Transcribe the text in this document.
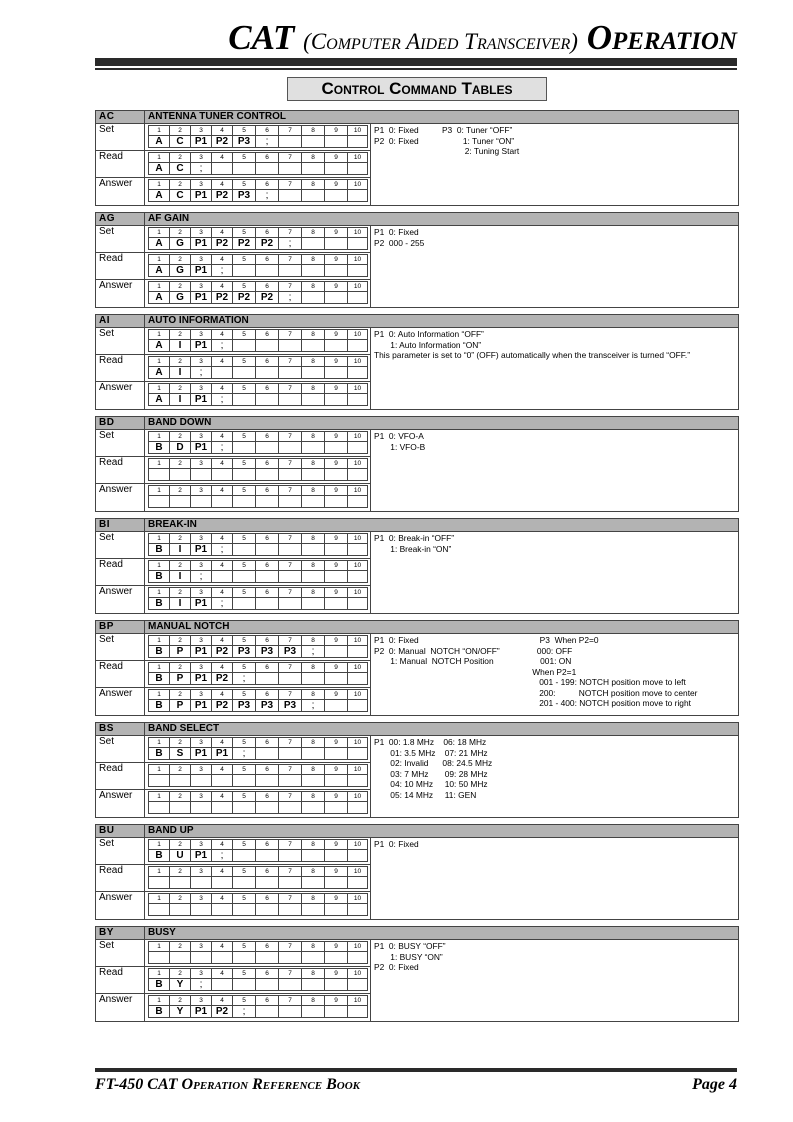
CAT (Computer Aided Transceiver) Operation
Control Command Tables
AC	ANTENNA TUNER CONTROL
Set	1	2	3	4	5	6	7	8	9	10
A	C	P1	P2	P3	;				
Read	1	2	3	4	5	6	7	8	9	10
A	C	;							
Answer	1	2	3	4	5	6	7	8	9	10
A	C	P1	P2	P3	;				
P1  0: Fixed          P3  0: Tuner “OFF”
P2  0: Fixed                   1: Tuner “ON”
2: Tuning Start
AG	AF GAIN
Set	1	2	3	4	5	6	7	8	9	10
A	G	P1	P2	P2	P2	;			
Read	1	2	3	4	5	6	7	8	9	10
A	G	P1	;						
Answer	1	2	3	4	5	6	7	8	9	10
A	G	P1	P2	P2	P2	;			
P1  0: Fixed
P2  000 - 255
AI	AUTO INFORMATION
Set	1	2	3	4	5	6	7	8	9	10
A	I	P1	;						
Read	1	2	3	4	5	6	7	8	9	10
A	I	;							
Answer	1	2	3	4	5	6	7	8	9	10
A	I	P1	;						
P1  0: Auto Information “OFF”
1: Auto Information “ON”
This parameter is set to “0” (OFF) automatically when the transceiver is turned “OFF.”
BD	BAND DOWN
Set	1	2	3	4	5	6	7	8	9	10
B	D	P1	;						
Read	1	2	3	4	5	6	7	8	9	10

Answer	1	2	3	4	5	6	7	8	9	10

P1  0: VFO-A
1: VFO-B
BI	BREAK-IN
Set	1	2	3	4	5	6	7	8	9	10
B	I	P1	;						
Read	1	2	3	4	5	6	7	8	9	10
B	I	;							
Answer	1	2	3	4	5	6	7	8	9	10
B	I	P1	;						
P1  0: Break-in “OFF”
1: Break-in “ON”
BP	MANUAL NOTCH
Set	1	2	3	4	5	6	7	8	9	10
B	P	P1	P2	P3	P3	P3	;		
Read	1	2	3	4	5	6	7	8	9	10
B	P	P1	P2	;					
Answer	1	2	3	4	5	6	7	8	9	10
B	P	P1	P2	P3	P3	P3	;		
P1  0: Fixed                                                    P3  When P2=0
P2  0: Manual  NOTCH “ON/OFF”                000: OFF
1: Manual  NOTCH Position                    001: ON
When P2=1
001 - 199: NOTCH position move to left
200:          NOTCH position move to center
201 - 400: NOTCH position move to right
BS	BAND SELECT
Set	1	2	3	4	5	6	7	8	9	10
B	S	P1	P1	;					
Read	1	2	3	4	5	6	7	8	9	10

Answer	1	2	3	4	5	6	7	8	9	10

P1  00: 1.8 MHz    06: 18 MHz
01: 3.5 MHz    07: 21 MHz
02: Invalid      08: 24.5 MHz
03: 7 MHz       09: 28 MHz
04: 10 MHz     10: 50 MHz
05: 14 MHz     11: GEN
BU	BAND UP
Set	1	2	3	4	5	6	7	8	9	10
B	U	P1	;						
Read	1	2	3	4	5	6	7	8	9	10

Answer	1	2	3	4	5	6	7	8	9	10

P1  0: Fixed
BY	BUSY
Set	1	2	3	4	5	6	7	8	9	10

Read	1	2	3	4	5	6	7	8	9	10
B	Y	;							
Answer	1	2	3	4	5	6	7	8	9	10
B	Y	P1	P2	;					
P1  0: BUSY “OFF”
1: BUSY “ON”
P2  0: Fixed
FT-450 CAT Operation Reference Book	Page 4
